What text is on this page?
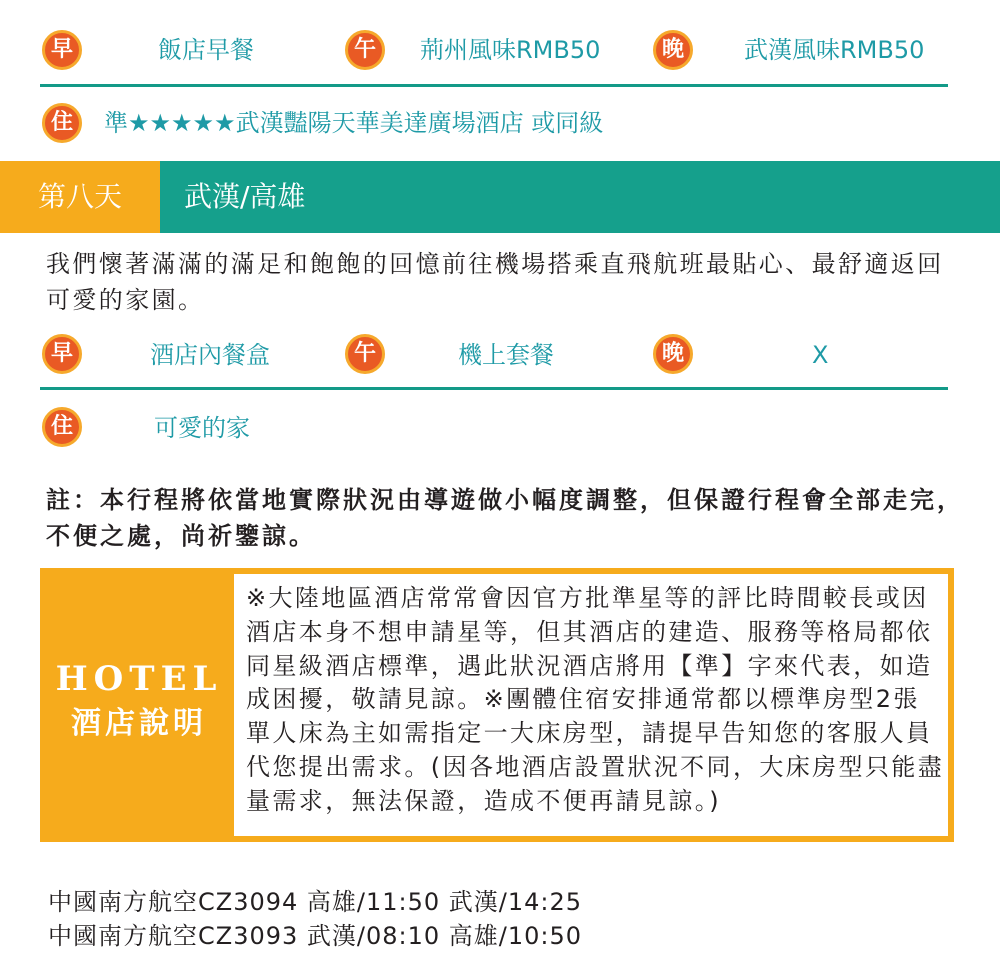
早	飯店早餐	午	荊州風味RMB50	晚	武漢風味RMB50
住	準★★★★★武漢豔陽天華美達廣場酒店 或同級
第八天	武漢/高雄
我們懷著滿滿的滿足和飽飽的回憶前往機場搭乘直飛航班最貼心、最舒適返回可愛的家園。
早	酒店內餐盒	午	機上套餐	晚	X
住	可愛的家
註：本行程將依當地實際狀況由導遊做小幅度調整，但保證行程會全部走完，不便之處，尚祈鑒諒。
HOTEL
酒店說明
※大陸地區酒店常常會因官方批準星等的評比時間較長或因酒店本身不想申請星等，但其酒店的建造、服務等格局都依同星級酒店標準，遇此狀況酒店將用【準】字來代表，如造成困擾，敬請見諒。※團體住宿安排通常都以標準房型2張單人床為主如需指定一大床房型，請提早告知您的客服人員代您提出需求。(因各地酒店設置狀況不同，大床房型只能盡量需求，無法保證，造成不便再請見諒。)
中國南方航空CZ3094 高雄/11:50 武漢/14:25
中國南方航空CZ3093 武漢/08:10 高雄/10:50
